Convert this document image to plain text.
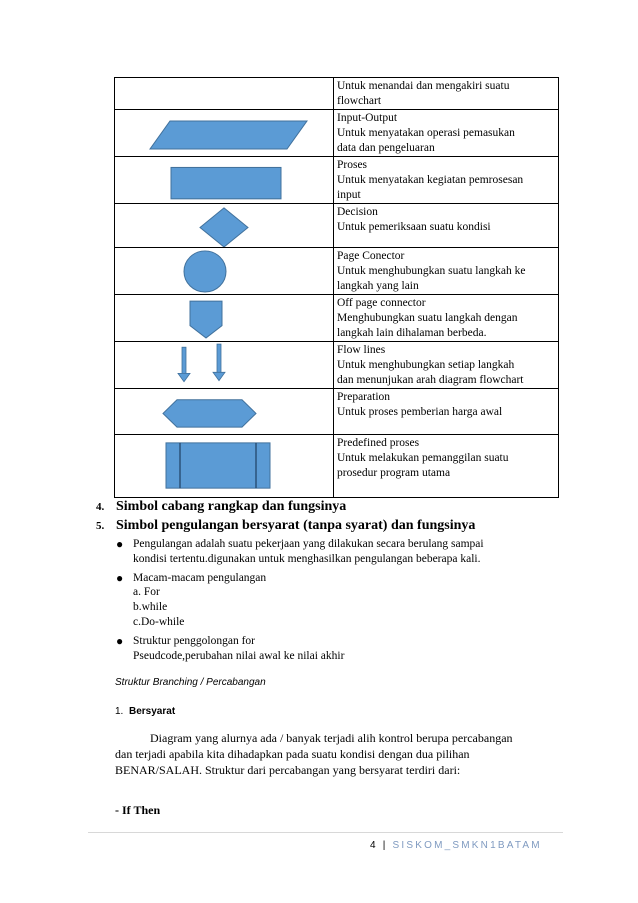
	Untuk menandai dan mengakiri suatu
flowchart

Input-Output
Untuk menyatakan operasi pemasukan
data dan pengeluaran

Proses
Untuk menyatakan kegiatan pemrosesan
input

Decision
Untuk pemeriksaan suatu kondisi

Page Conector
Untuk menghubungkan suatu langkah ke
langkah yang lain

Off page connector
Menghubungkan suatu langkah dengan
langkah lain dihalaman berbeda.

Flow lines
Untuk menghubungkan setiap langkah
dan menunjukan arah diagram flowchart

Preparation
Untuk proses pemberian harga awal

Predefined proses
Untuk melakukan pemanggilan suatu
prosedur program utama
4. Simbol cabang rangkap dan fungsinya
5. Simbol pengulangan bersyarat (tanpa syarat) dan fungsinya
● Pengulangan adalah suatu pekerjaan yang dilakukan secara berulang sampai
kondisi tertentu.digunakan untuk menghasilkan pengulangan beberapa kali.
● Macam-macam pengulangan
a. For
b.while
c.Do-while
● Struktur penggolongan for
Pseudcode,perubahan nilai awal ke nilai akhir
Struktur Branching / Percabangan
1. Bersyarat
Diagram yang alurnya ada / banyak terjadi alih kontrol berupa percabangan
dan terjadi apabila kita dihadapkan pada suatu kondisi dengan dua pilihan
BENAR/SALAH. Struktur dari percabangan yang bersyarat terdiri dari:
- If Then
4 | SISKOM_SMKN1BATAM
